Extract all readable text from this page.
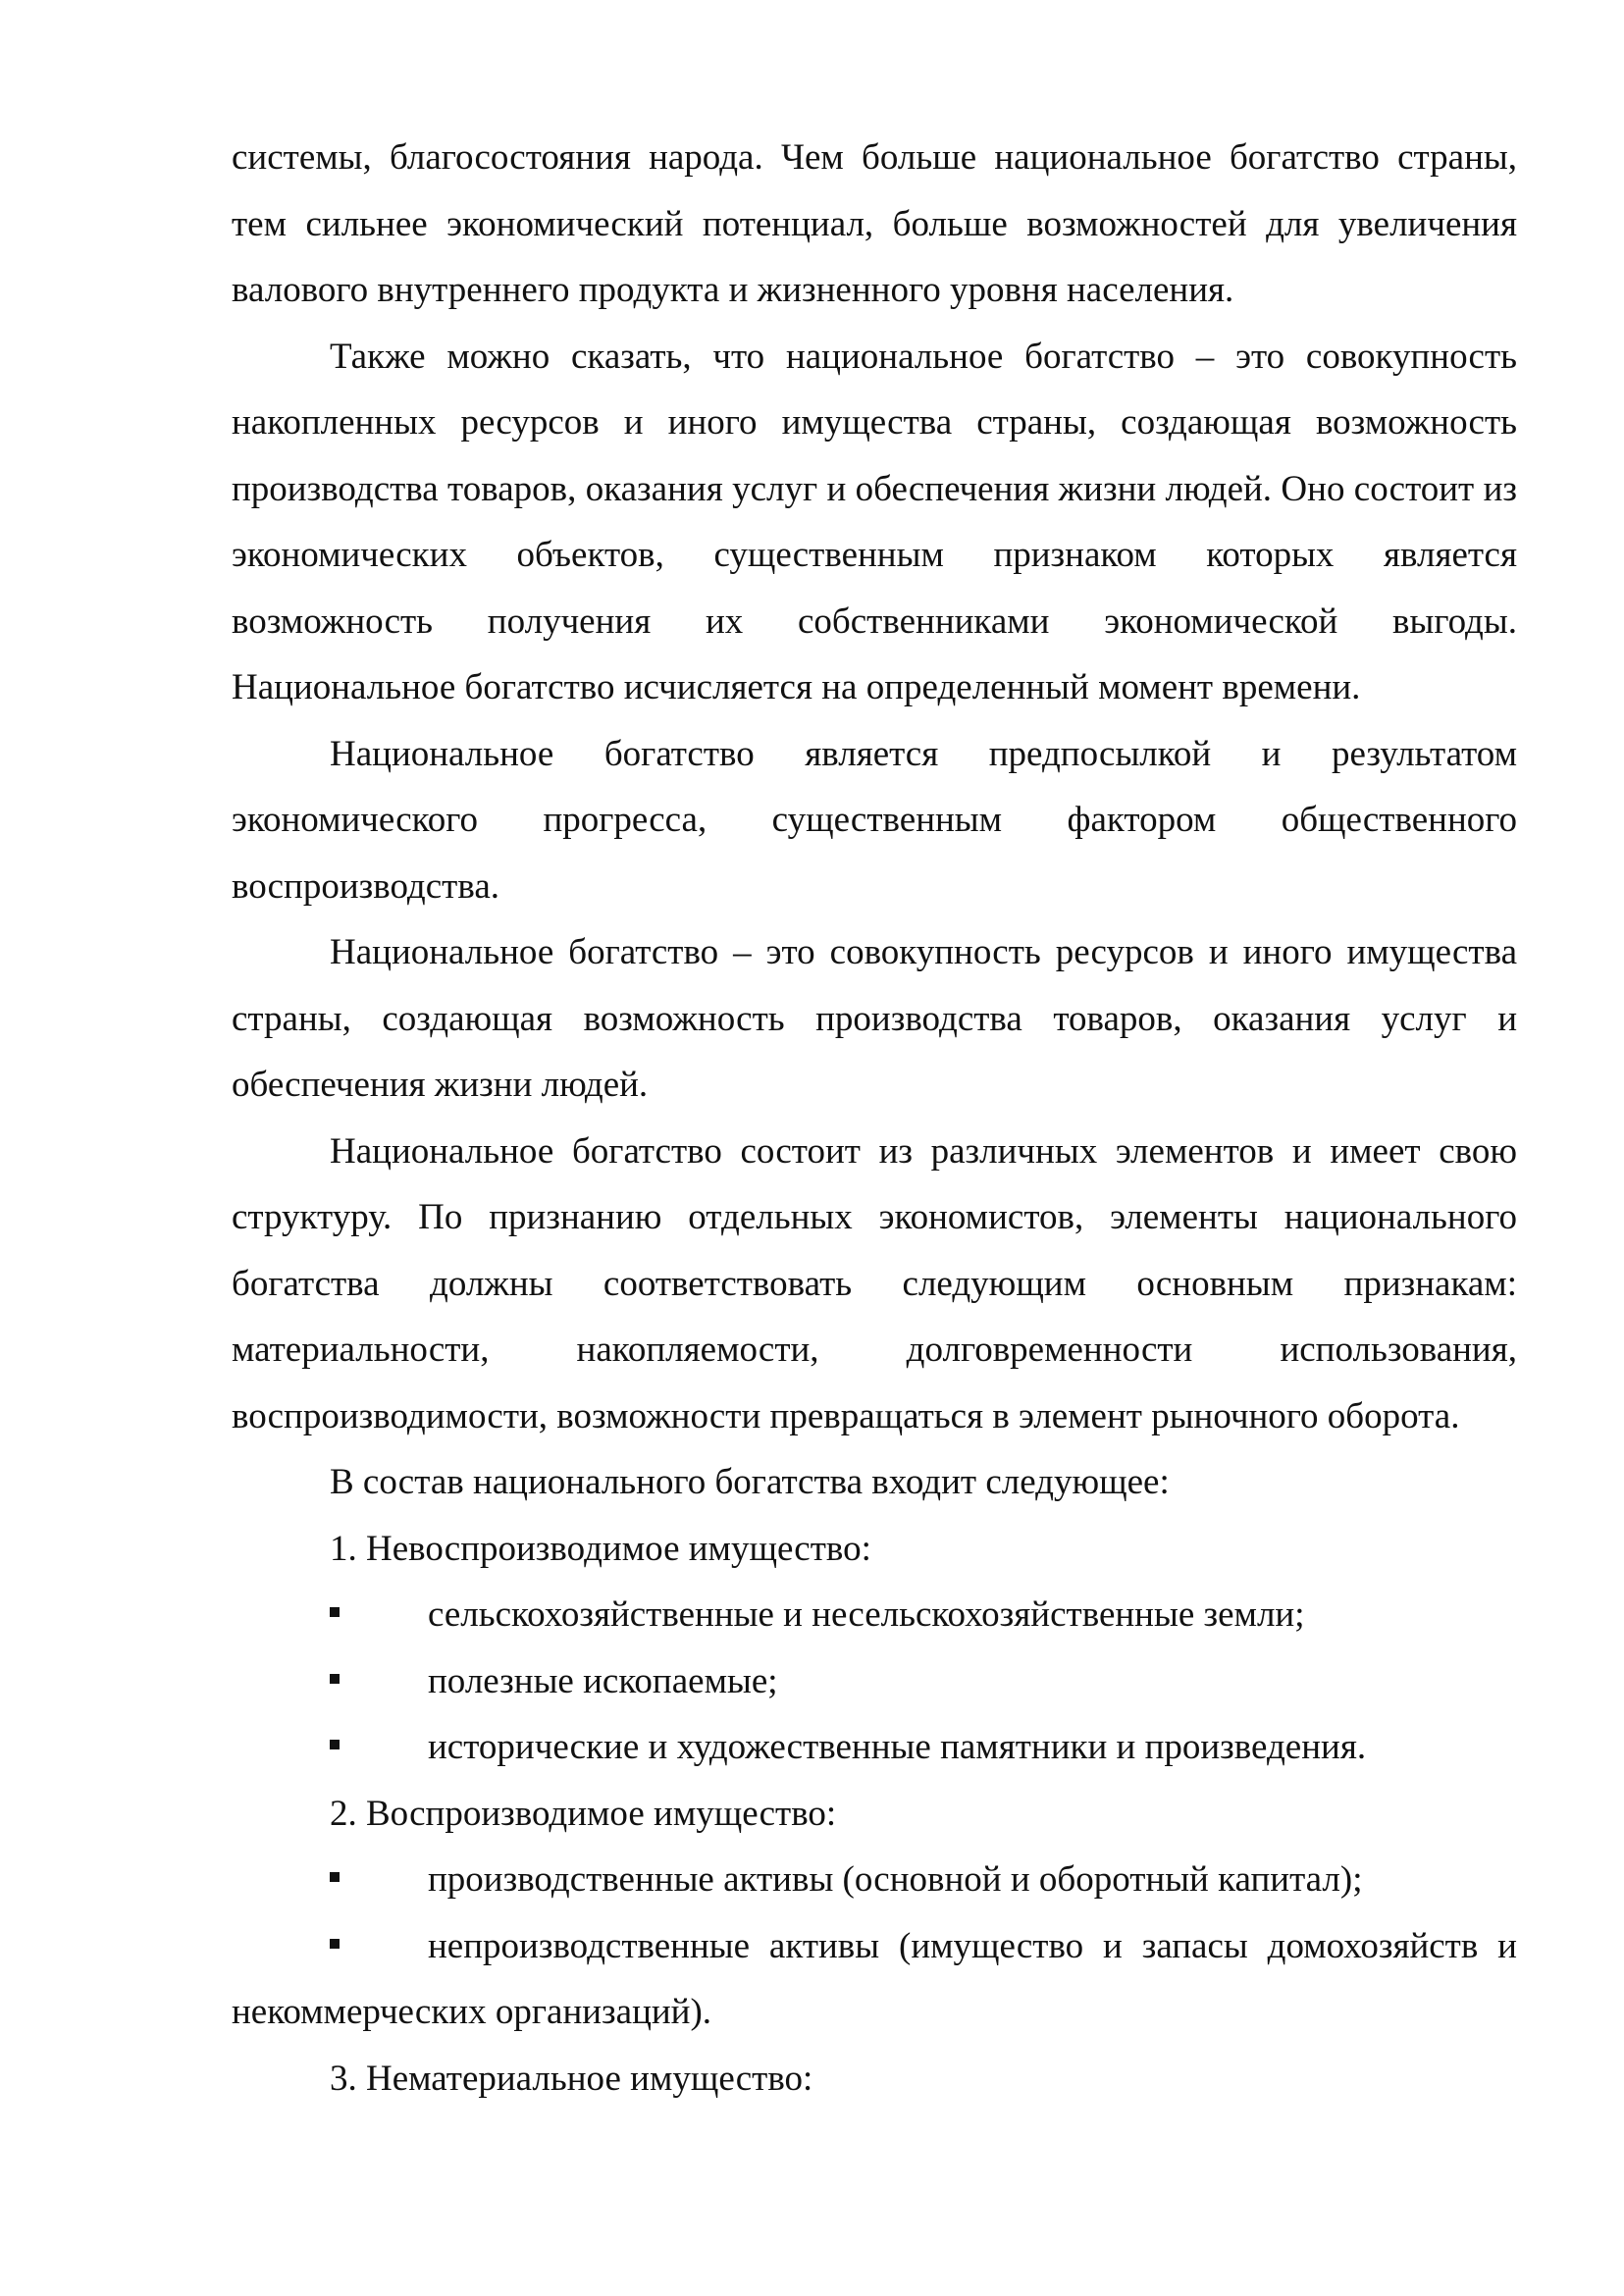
системы, благосостояния народа. Чем больше национальное богатство страны, тем сильнее экономический потенциал, больше возможностей для увеличения валового внутреннего продукта и жизненного уровня населения.

Также можно сказать, что национальное богатство – это совокупность накопленных ресурсов и иного имущества страны, создающая возможность производства товаров, оказания услуг и обеспечения жизни людей. Оно состоит из экономических объектов, существенным признаком которых является возможность получения их собственниками экономической выгоды. Национальное богатство исчисляется на определенный момент времени.

Национальное богатство является предпосылкой и результатом экономического прогресса, существенным фактором общественного воспроизводства.

Национальное богатство – это совокупность ресурсов и иного имущества страны, создающая возможность производства товаров, оказания услуг и обеспечения жизни людей.

Национальное богатство состоит из различных элементов и имеет свою структуру. По признанию отдельных экономистов, элементы национального богатства должны соответствовать следующим основным признакам: материальности, накопляемости, долговременности использования, воспроизводимости, возможности превращаться в элемент рыночного оборота.

В состав национального богатства входит следующее:

1. Невоспроизводимое имущество:

сельскохозяйственные и несельскохозяйственные земли;

полезные ископаемые;

исторические и художественные памятники и произведения.

2. Воспроизводимое имущество:

производственные активы (основной и оборотный капитал);

непроизводственные активы (имущество и запасы домохозяйств и некоммерческих организаций).

3. Нематериальное имущество:
